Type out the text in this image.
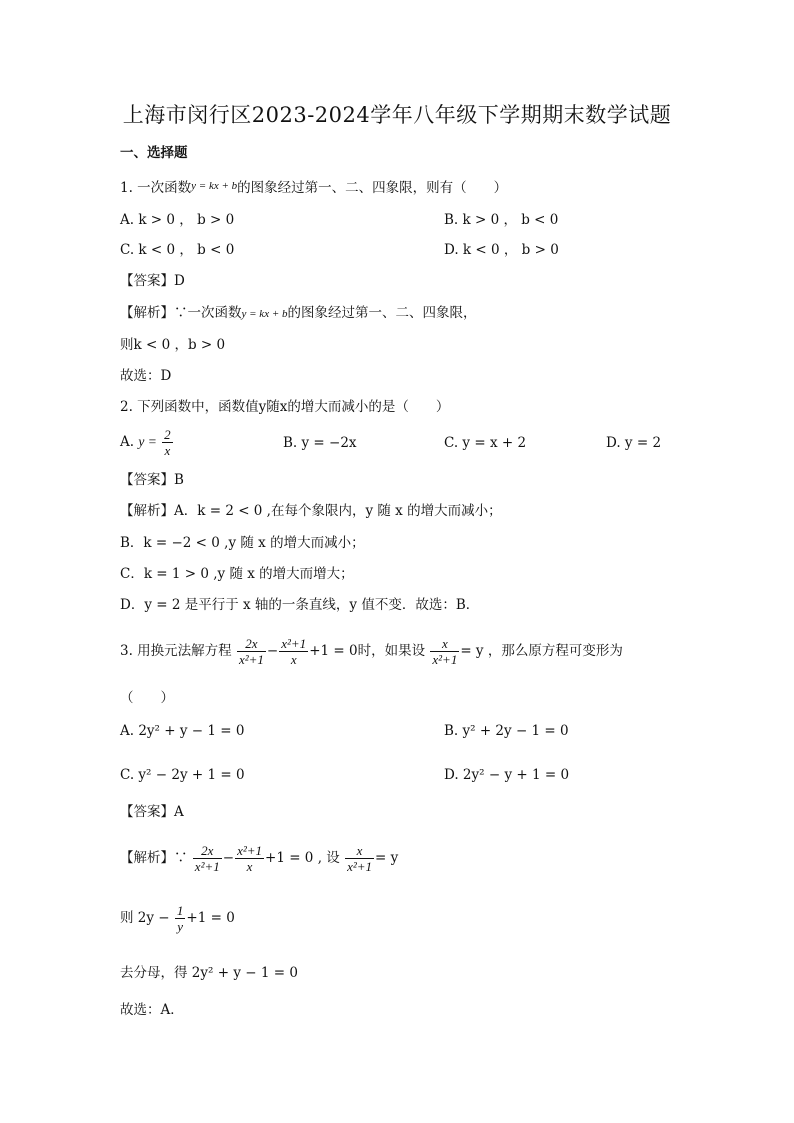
上海市闵行区2023-2024学年八年级下学期期末数学试题
一、选择题
1. 一次函数$^{y = kx + b}$的图象经过第一、二、四象限，则有（　　）
A. k > 0 ， b > 0	B. k > 0 ， b < 0
C. k < 0 ， b < 0	D. k < 0 ， b > 0
【答案】D
【解析】∵一次函数y = kx + b的图象经过第一、二、四象限，
则k < 0 ，b > 0
故选：D
2. 下列函数中，函数值y随x的增大而减小的是（　　）
A. $y = \frac{2}{x}$	B. y = −2x	C. y = x + 2	D. y = 2
【答案】B
【解析】A．k = 2 < 0 ,在每个象限内，y 随 x 的增大而减小；
B．k = −2 < 0 ,y 随 x 的增大而减小；
C．k = 1 > 0 ,y 随 x 的增大而增大；
D．y = 2 是平行于 x 轴的一条直线，y 值不变．故选：B．
3. 用换元法解方程 $\frac{2x}{\text{x²+1}} - \frac{\text{x²+1}}{x} +1 = 0$时，如果设 $\frac{x}{\text{x²+1}} = y$ ，那么原方程可变形为
（　　）
A. 2y² + y − 1 = 0	B. y² + 2y − 1 = 0
C. y² − 2y + 1 = 0	D. 2y² − y + 1 = 0
【答案】A
【解析】∵ $\frac{2x}{\text{x²+1}} - \frac{\text{x²+1}}{x} +1 = 0$ , 设 $\frac{x}{\text{x²+1}} = y$
则 $2y - \frac{1}{y} +1 = 0$
去分母，得 2y² + y − 1 = 0
故选：A．
